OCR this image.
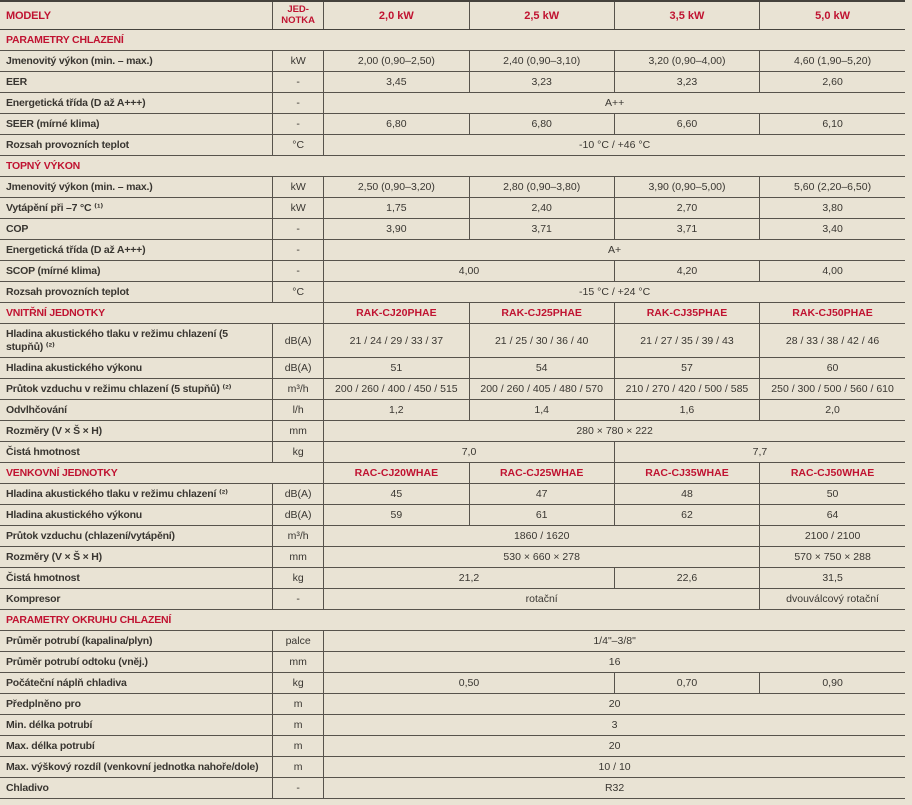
MODELY	JED-NOTKA	2,0 kW	2,5 kW	3,5 kW	5,0 kW
PARAMETRY CHLAZENÍ					
Jmenovitý výkon (min. – max.)	kW	2,00 (0,90–2,50)	2,40 (0,90–3,10)	3,20 (0,90–4,00)	4,60 (1,90–5,20)
EER	-	3,45	3,23	3,23	2,60
Energetická třída (D až A+++)	-	A++			
SEER (mírné klima)	-	6,80	6,80	6,60	6,10
Rozsah provozních teplot	°C	-10 °C / +46 °C			
TOPNÝ VÝKON					
Jmenovitý výkon (min. – max.)	kW	2,50 (0,90–3,20)	2,80 (0,90–3,80)	3,90 (0,90–5,00)	5,60 (2,20–6,50)
Vytápění při –7 °C ⁽¹⁾	kW	1,75	2,40	2,70	3,80
COP	-	3,90	3,71	3,71	3,40
Energetická třída (D až A+++)	-	A+			
SCOP (mírné klima)	-	4,00		4,20	4,00
Rozsah provozních teplot	°C	-15 °C / +24 °C			
VNITŘNÍ JEDNOTKY		RAK-CJ20PHAE	RAK-CJ25PHAE	RAK-CJ35PHAE	RAK-CJ50PHAE
Hladina akustického tlaku v režimu chlazení (5 stupňů) ⁽²⁾	dB(A)	21 / 24 / 29 / 33 / 37	21 / 25 / 30 / 36 / 40	21 / 27 / 35 / 39 / 43	28 / 33 / 38 / 42 / 46
Hladina akustického výkonu	dB(A)	51	54	57	60
Průtok vzduchu v režimu chlazení (5 stupňů) ⁽²⁾	m³/h	200 / 260 / 400 / 450 / 515	200 / 260 / 405 / 480 / 570	210 / 270 / 420 / 500 / 585	250 / 300 / 500 / 560 / 610
Odvlhčování	l/h	1,2	1,4	1,6	2,0
Rozměry (V × Š × H)	mm	280 × 780 × 222			
Čistá hmotnost	kg	7,0		7,7	
VENKOVNÍ JEDNOTKY		RAC-CJ20WHAE	RAC-CJ25WHAE	RAC-CJ35WHAE	RAC-CJ50WHAE
Hladina akustického tlaku v režimu chlazení ⁽²⁾	dB(A)	45	47	48	50
Hladina akustického výkonu	dB(A)	59	61	62	64
Průtok vzduchu (chlazení/vytápění)	m³/h	1860 / 1620			2100 / 2100
Rozměry (V × Š × H)	mm	530 × 660 × 278			570 × 750 × 288
Čistá hmotnost	kg	21,2		22,6	31,5
Kompresor	-	rotační			dvouválcový rotační
PARAMETRY OKRUHU CHLAZENÍ					
Průměr potrubí (kapalina/plyn)	palce	1/4"–3/8"			
Průměr potrubí odtoku (vněj.)	mm	16			
Počáteční náplň chladiva	kg	0,50		0,70	0,90
Předplněno pro	m	20			
Min. délka potrubí	m	3			
Max. délka potrubí	m	20			
Max. výškový rozdíl (venkovní jednotka nahoře/dole)	m	10 / 10			
Chladivo	-	R32			
